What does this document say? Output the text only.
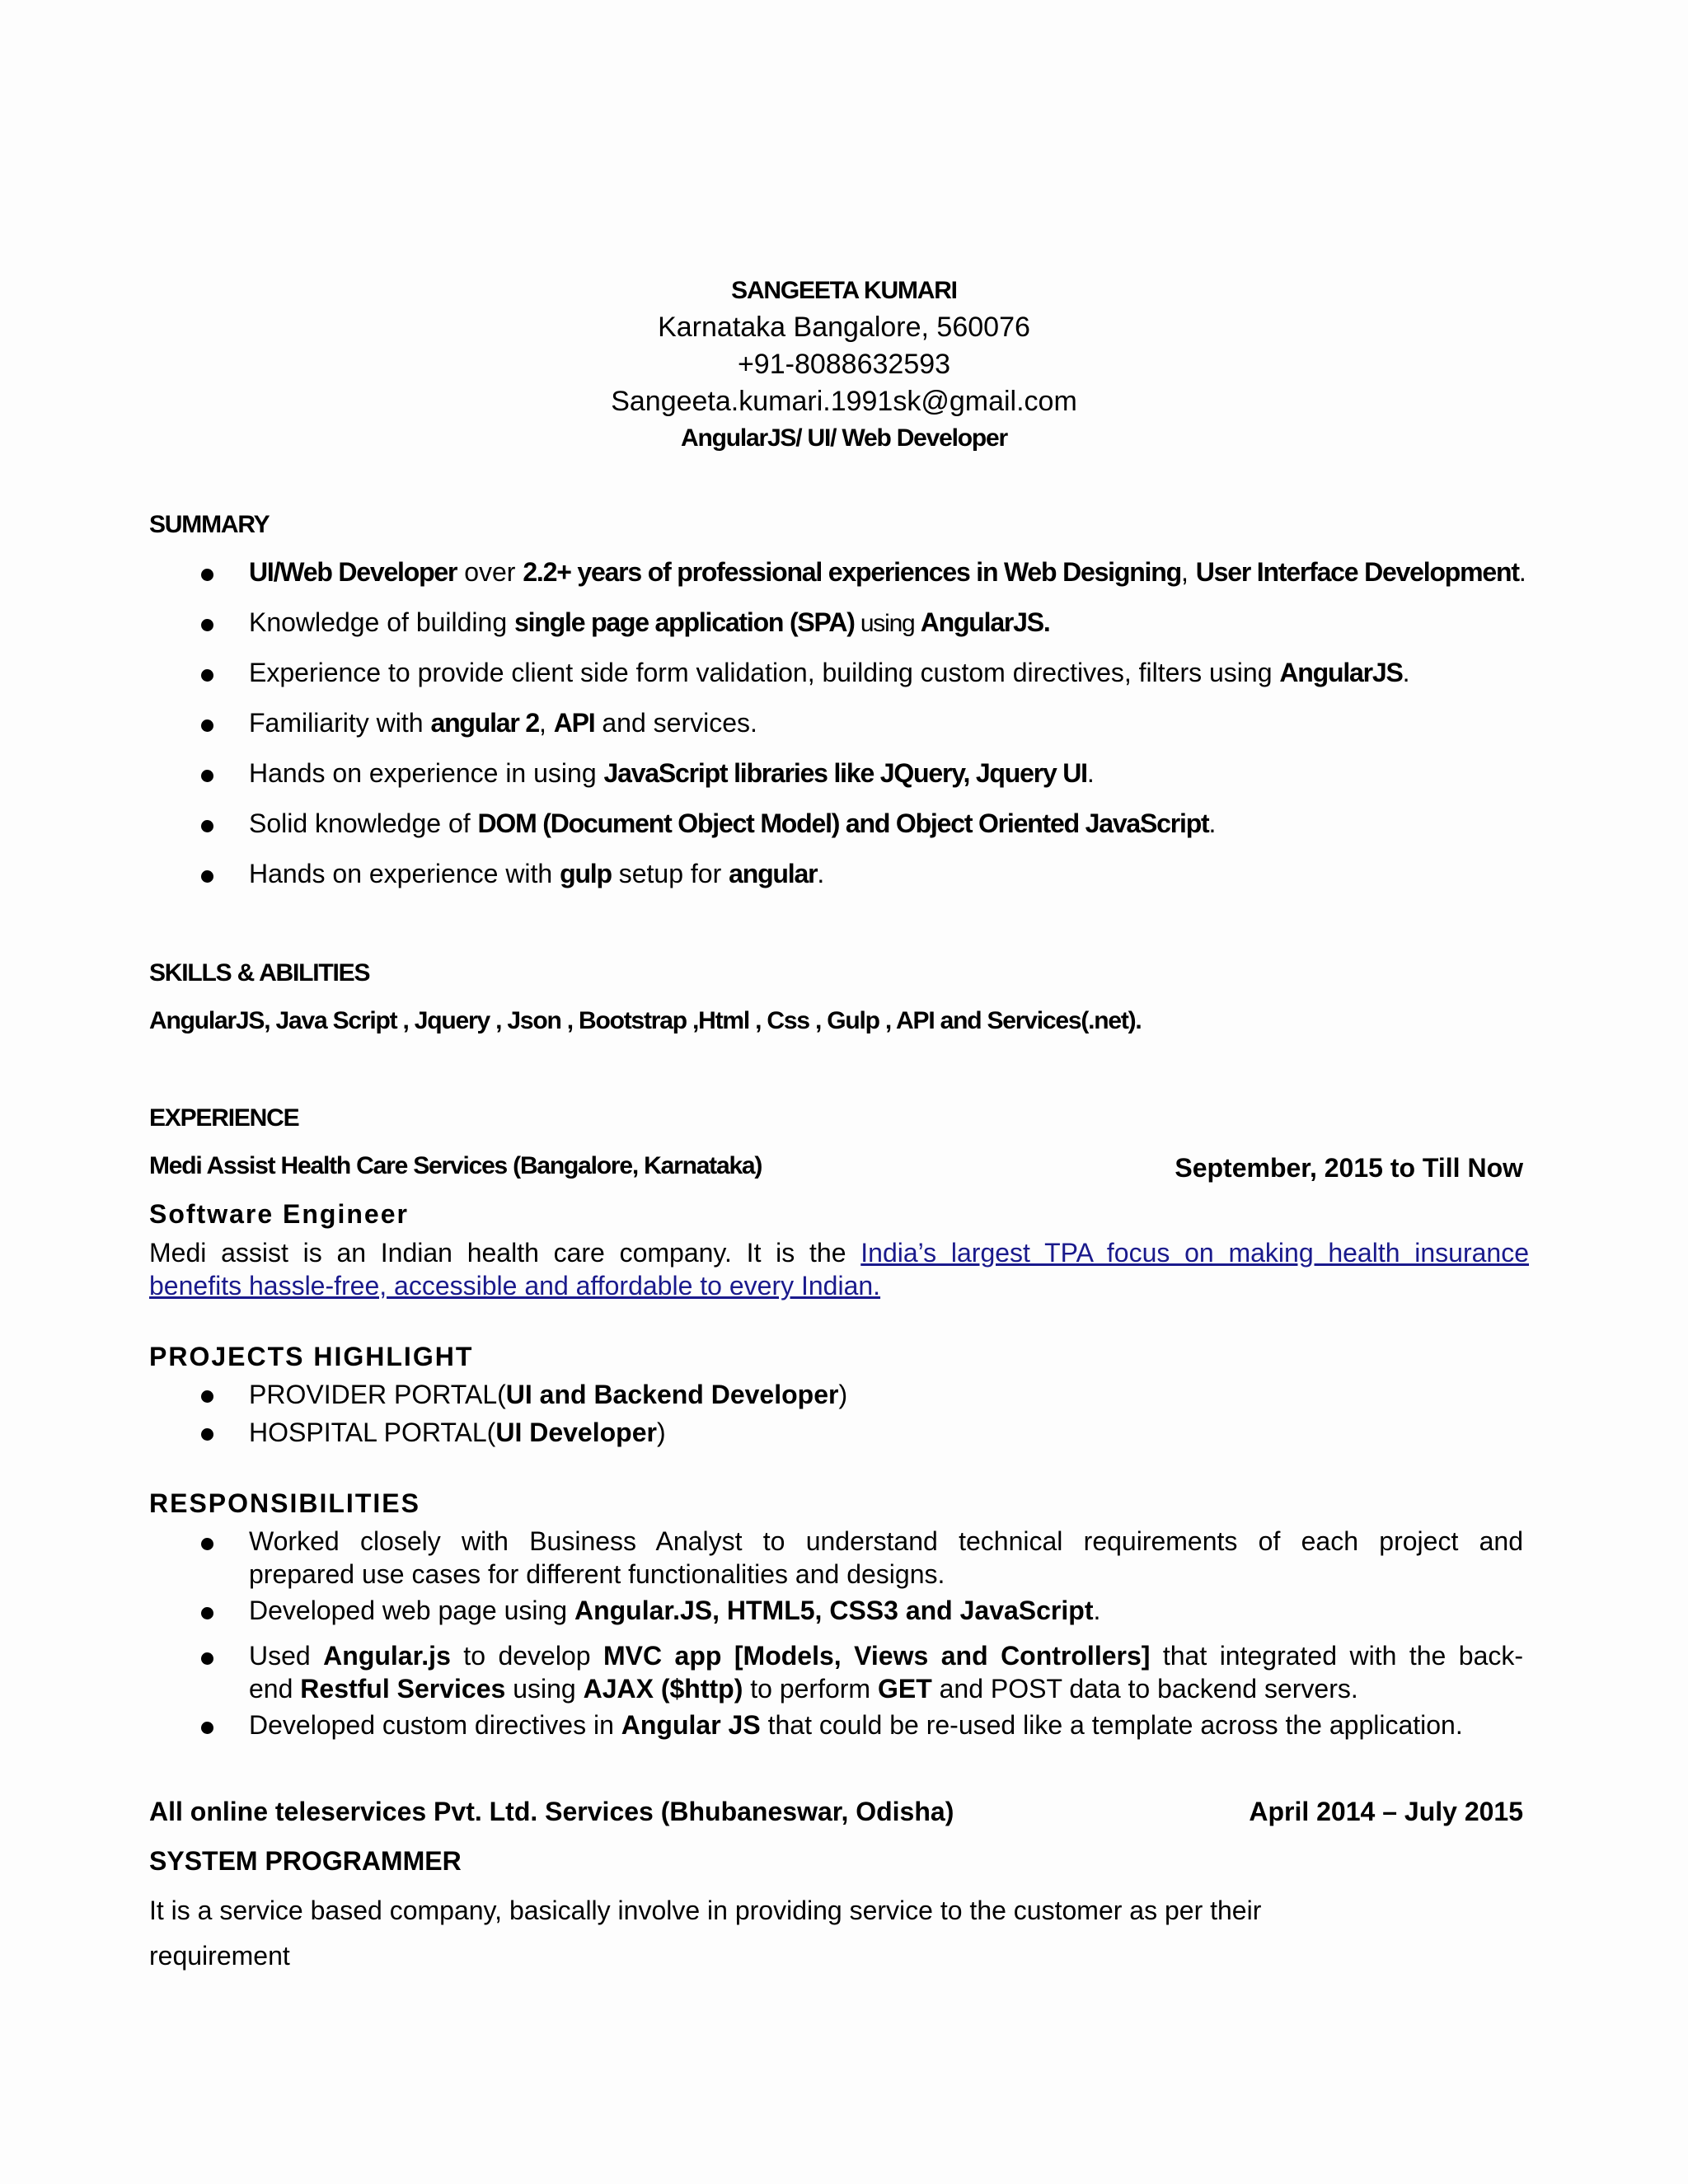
SANGEETA KUMARI
Karnataka Bangalore, 560076
+91-8088632593
Sangeeta.kumari.1991sk@gmail.com
AngularJS/ UI/ Web Developer
SUMMARY
UI/Web Developer over 2.2+ years of professional experiences in Web Designing, User Interface Development.
Knowledge of building single page application (SPA) using AngularJS.
Experience to provide client side form validation, building custom directives, filters using AngularJS.
Familiarity with angular 2, API and services.
Hands on experience in using JavaScript libraries like JQuery, Jquery UI.
Solid knowledge of DOM (Document Object Model) and Object Oriented JavaScript.
Hands on experience with gulp setup for angular.
SKILLS & ABILITIES
AngularJS, Java Script , Jquery , Json , Bootstrap ,Html , Css , Gulp , API and Services(.net).
EXPERIENCE
Medi Assist Health Care Services (Bangalore, Karnataka)	September, 2015 to Till Now
Software Engineer
Medi assist is an Indian health care company. It is the India’s largest TPA focus on making health insurance
benefits hassle-free, accessible and affordable to every Indian.
PROJECTS HIGHLIGHT
PROVIDER PORTAL(UI and Backend Developer)
HOSPITAL PORTAL(UI Developer)
RESPONSIBILITIES
Worked closely with Business Analyst to understand technical requirements of each project and
prepared use cases for different functionalities and designs.
Developed web page using Angular.JS, HTML5, CSS3 and JavaScript.
Used Angular.js to develop MVC app [Models, Views and Controllers] that integrated with the back-
end Restful Services using AJAX ($http) to perform GET and POST data to backend servers.
Developed custom directives in Angular JS that could be re-used like a template across the application.
All online teleservices Pvt. Ltd. Services (Bhubaneswar, Odisha)	April 2014 – July 2015
SYSTEM PROGRAMMER
It is a service based company, basically involve in providing service to the customer as per their
requirement
